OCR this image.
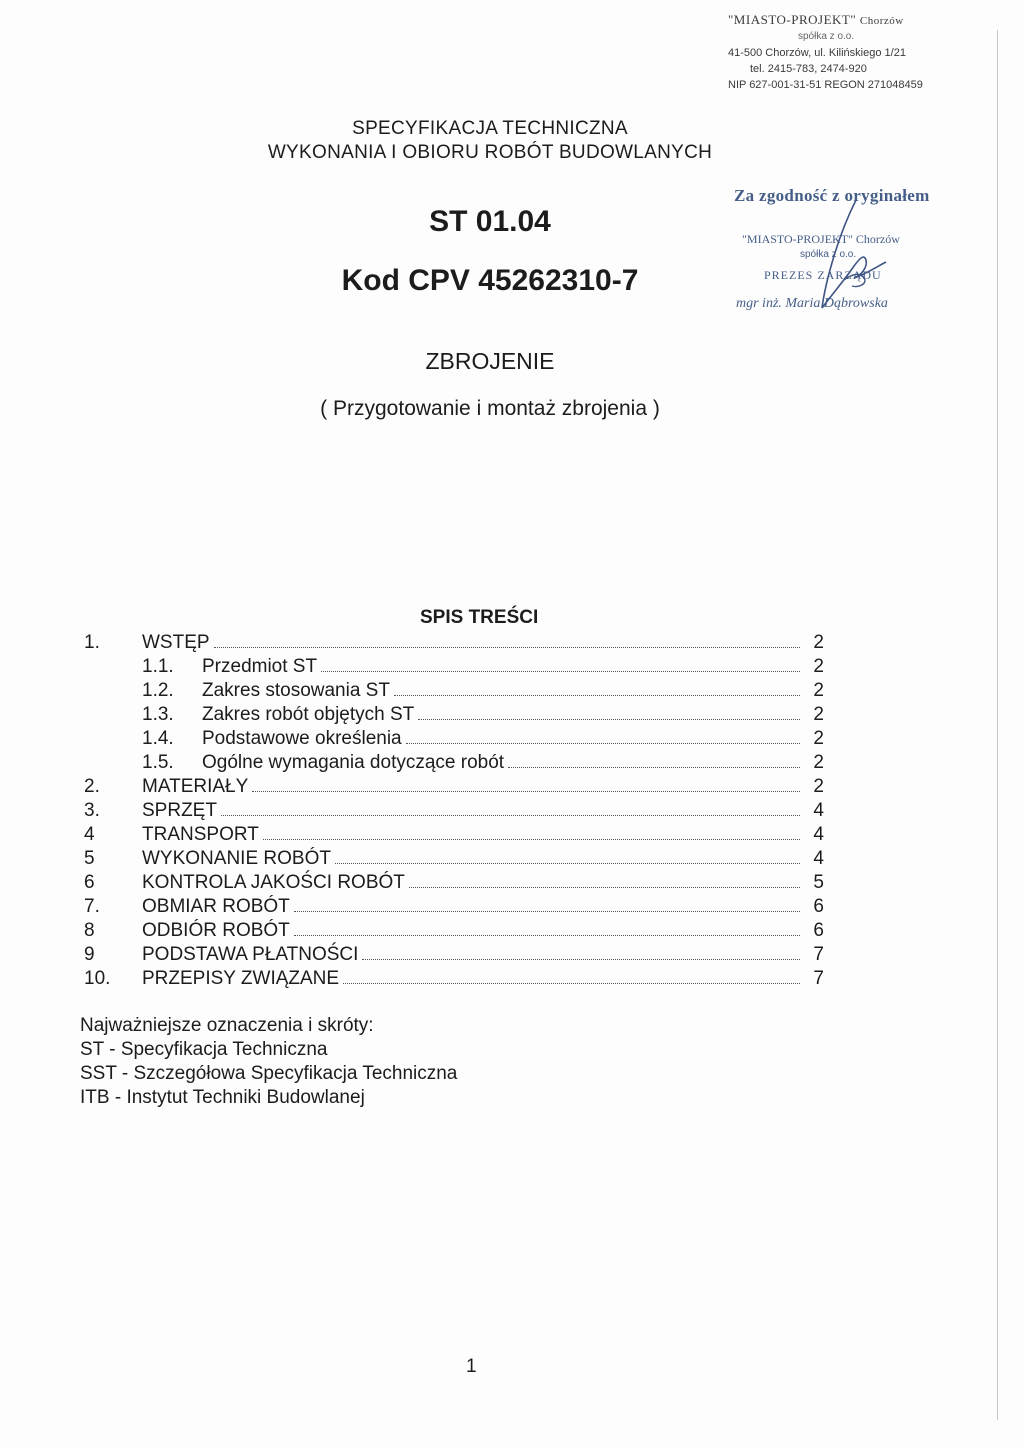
"MIASTO-PROJEKT" Chorzów
spółka z o.o.
41-500 Chorzów, ul. Kilińskiego 1/21
tel. 2415-783, 2474-920
NIP 627-001-31-51 REGON 271048459
Za zgodność z oryginałem
"MIASTO-PROJEKT" Chorzów
spółka z o.o.
PREZES ZARZĄDU
mgr inż. Maria Dąbrowska
SPECYFIKACJA TECHNICZNA
WYKONANIA I OBIORU ROBÓT BUDOWLANYCH
ST 01.04
Kod CPV 45262310-7
ZBROJENIE
( Przygotowanie i montaż zbrojenia )
SPIS TREŚCI
1.	WSTĘP	2
1.1.	Przedmiot ST	2
1.2.	Zakres stosowania ST	2
1.3.	Zakres robót objętych ST	2
1.4.	Podstawowe określenia	2
1.5.	Ogólne wymagania dotyczące robót	2
2.	MATERIAŁY	2
3.	SPRZĘT	4
4	TRANSPORT	4
5	WYKONANIE ROBÓT	4
6	KONTROLA JAKOŚCI ROBÓT	5
7.	OBMIAR ROBÓT	6
8	ODBIÓR ROBÓT	6
9	PODSTAWA PŁATNOŚCI	7
10.	PRZEPISY ZWIĄZANE	7
Najważniejsze oznaczenia i skróty:
ST - Specyfikacja Techniczna
SST - Szczegółowa Specyfikacja Techniczna
ITB - Instytut Techniki Budowlanej
1
